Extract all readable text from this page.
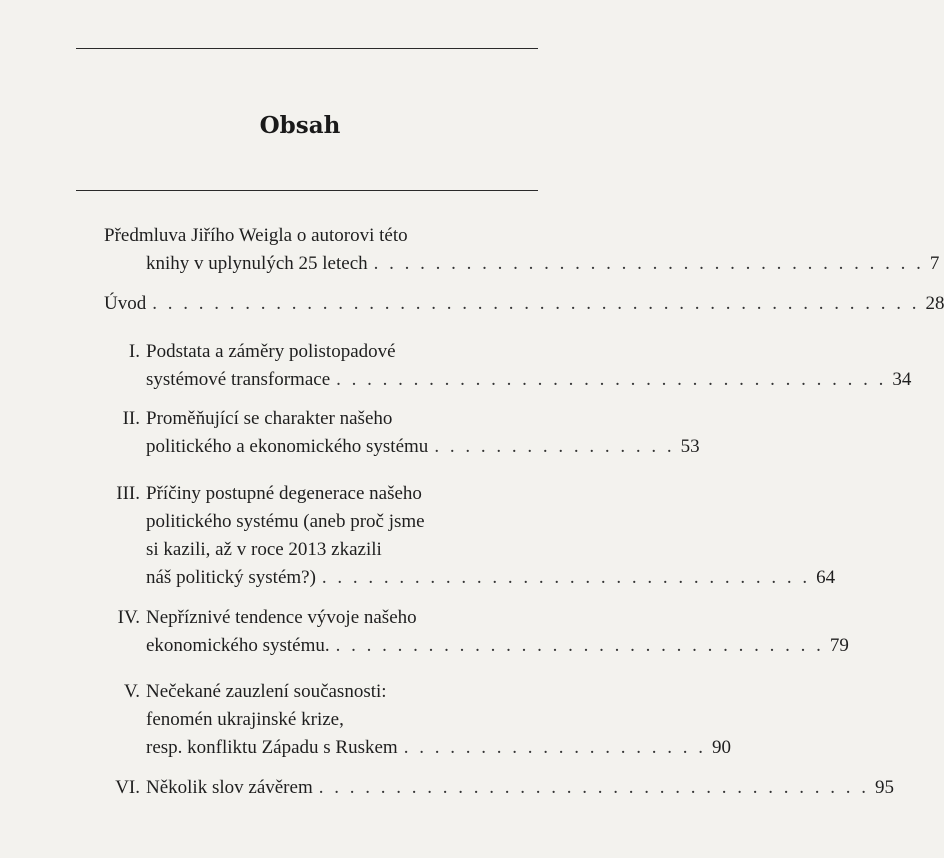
Obsah
Předmluva Jiřího Weigla o autorovi této
knihy v uplynulých 25 letech . . . . . . . . . . . . . . . . . . . . . . . . . . . . . . . . . . . . 7
Úvod . . . . . . . . . . . . . . . . . . . . . . . . . . . . . . . . . . . . . . . . . . . . . . . . . . 28
I. Podstata a záměry polistopadové
systémové transformace . . . . . . . . . . . . . . . . . . . . . . . . . . . . . . . . . . . . 34
II. Proměňující se charakter našeho
politického a ekonomického systému . . . . . . . . . . . . . . . . 53
III. Příčiny postupné degenerace našeho
politického systému (aneb proč jsme
si kazili, až v roce 2013 zkazili
náš politický systém?) . . . . . . . . . . . . . . . . . . . . . . . . . . . . . . . . 64
IV. Nepříznivé tendence vývoje našeho
ekonomického systému. . . . . . . . . . . . . . . . . . . . . . . . . . . . . . . . . 79
V. Nečekané zauzlení současnosti:
fenomén ukrajinské krize,
resp. konfliktu Západu s Ruskem . . . . . . . . . . . . . . . . . . . . 90
VI. Několik slov závěrem . . . . . . . . . . . . . . . . . . . . . . . . . . . . . . . . . . . . 95
